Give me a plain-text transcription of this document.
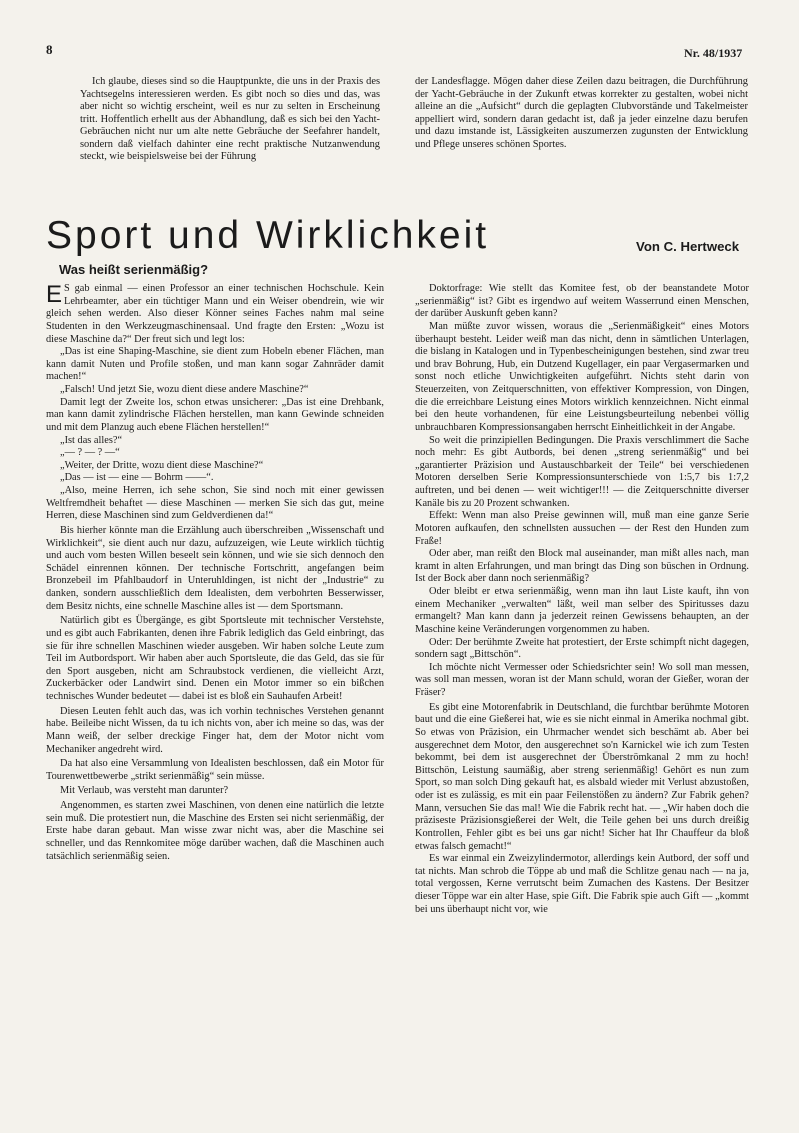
8	Nr. 48/1937

Ich glaube, dieses sind so die Hauptpunkte, die uns in der Praxis des Yachtsegelns interessieren werden. Es gibt noch so dies und das, was aber nicht so wichtig erscheint, weil es nur zu selten in Erscheinung tritt. Hoffentlich erhellt aus der Abhandlung, daß es sich bei den Yacht-Gebräuchen nicht nur um alte nette Gebräuche der Seefahrer handelt, sondern daß vielfach dahinter eine recht praktische Nutzanwendung steckt, wie beispielsweise bei der Führung

der Landesflagge. Mögen daher diese Zeilen dazu beitragen, die Durchführung der Yacht-Gebräuche in der Zukunft etwas korrekter zu gestalten, wobei nicht alleine an die „Aufsicht“ durch die geplagten Clubvorstände und Takelmeister appelliert wird, sondern daran gedacht ist, daß ja jeder einzelne dazu berufen und dazu imstande ist, Lässigkeiten auszumerzen zugunsten der Entwicklung und Pflege unseres schönen Sportes.

Sport und Wirklichkeit	Von C. Hertweck
Was heißt serienmäßig?

E S gab einmal — einen Professor an einer technischen Hochschule. Kein Lehrbeamter, aber ein tüchtiger Mann und ein Weiser obendrein, wie wir gleich sehen werden. Also dieser Könner seines Faches nahm mal seine Studenten in den Werkzeugmaschinensaal. Und fragte den Ersten: „Wozu ist diese Maschine da?“ Der freut sich und legt los:

„Das ist eine Shaping-Maschine, sie dient zum Hobeln ebener Flächen, man kann damit Nuten und Profile stoßen, und man kann sogar Zahnräder damit machen!“

„Falsch! Und jetzt Sie, wozu dient diese andere Maschine?“

Damit legt der Zweite los, schon etwas unsicherer: „Das ist eine Drehbank, man kann damit zylindrische Flächen herstellen, man kann Gewinde schneiden und mit dem Planzug auch ebene Flächen herstellen!“

„Ist das alles?“

„— ? — ? —“

„Weiter, der Dritte, wozu dient diese Maschine?“

„Das — ist — eine — Bohrm ——“.

„Also, meine Herren, ich sehe schon, Sie sind noch mit einer gewissen Weltfremdheit behaftet — diese Maschinen — merken Sie sich das gut, meine Herren, diese Maschinen sind zum Geldverdienen da!“

Bis hierher könnte man die Erzählung auch überschreiben „Wissenschaft und Wirklichkeit“, sie dient auch nur dazu, aufzuzeigen, wie Leute wirklich tüchtig und auch vom besten Willen beseelt sein können, und wie sie sich dennoch den Schädel einrennen können. Der technische Fortschritt, angefangen beim Bronzebeil im Pfahlbaudorf in Unteruhldingen, ist nicht der „Industrie“ zu danken, sondern ausschließlich dem Idealisten, dem verbohrten Besserwisser, dem Besitz nichts, eine schnelle Maschine alles ist — dem Sportsmann.

Natürlich gibt es Übergänge, es gibt Sportsleute mit technischer Verstehste, und es gibt auch Fabrikanten, denen ihre Fabrik lediglich das Geld einbringt, das sie für ihre schnellen Maschinen wieder ausgeben. Wir haben solche Leute zum Teil im Autbordsport. Wir haben aber auch Sportsleute, die das Geld, das sie für den Sport ausgeben, nicht am Schraubstock verdienen, die vielleicht Arzt, Zuckerbäcker oder Landwirt sind. Denen ein Motor immer so ein bißchen technisches Wunder bedeutet — dabei ist es bloß ein Sauhaufen Arbeit!

Diesen Leuten fehlt auch das, was ich vorhin technisches Verstehen genannt habe. Beileibe nicht Wissen, da tu ich nichts von, aber ich meine so das, was der Mann weiß, der selber dreckige Finger hat, dem der Motor nicht vom Mechaniker angedreht wird.

Da hat also eine Versammlung von Idealisten beschlossen, daß ein Motor für Tourenwettbewerbe „strikt serienmäßig“ sein müsse.

Mit Verlaub, was versteht man darunter?

Angenommen, es starten zwei Maschinen, von denen eine natürlich die letzte sein muß. Die protestiert nun, die Maschine des Ersten sei nicht serienmäßig, der Erste habe daran gebaut. Man wisse zwar nicht was, aber die Maschine sei schneller, und das Rennkomitee möge darüber wachen, daß die Maschinen auch tatsächlich serienmäßig seien.

Doktorfrage: Wie stellt das Komitee fest, ob der beanstandete Motor „serienmäßig“ ist? Gibt es irgendwo auf weitem Wasserrund einen Menschen, der darüber Auskunft geben kann?

Man müßte zuvor wissen, woraus die „Serienmäßigkeit“ eines Motors überhaupt besteht. Leider weiß man das nicht, denn in sämtlichen Unterlagen, die bislang in Katalogen und in Typenbescheinigungen bestehen, sind zwar treu und brav Bohrung, Hub, ein Dutzend Kugellager, ein paar Vergasermarken und sonst noch etliche Unwichtigkeiten aufgeführt. Nichts steht darin von Steuerzeiten, von Zeitquerschnitten, von effektiver Kompression, von Dingen, die die erreichbare Leistung eines Motors wirklich kennzeichnen. Nicht einmal bei den heute vorhandenen, für eine Leistungsbeurteilung nebenbei völlig unbrauchbaren Kompressionsangaben herrscht Einheitlichkeit in der Angabe.

So weit die prinzipiellen Bedingungen. Die Praxis verschlimmert die Sache noch mehr: Es gibt Autbords, bei denen „streng serienmäßig“ und bei „garantierter Präzision und Austauschbarkeit der Teile“ bei verschiedenen Motoren derselben Serie Kompressionsunterschiede von 1:5,7 bis 1:7,2 auftreten, und bei denen — weit wichtiger!!! — die Zeitquerschnitte diverser Kanäle bis zu 20 Prozent schwanken.

Effekt: Wenn man also Preise gewinnen will, muß man eine ganze Serie Motoren aufkaufen, den schnellsten aussuchen — der Rest den Hunden zum Fraße!

Oder aber, man reißt den Block mal auseinander, man mißt alles nach, man kramt in alten Erfahrungen, und man bringt das Ding son büschen in Ordnung. Ist der Bock aber dann noch serienmäßig?

Oder bleibt er etwa serienmäßig, wenn man ihn laut Liste kauft, ihn von einem Mechaniker „verwalten“ läßt, weil man selber des Spiritusses dazu ermangelt? Man kann dann ja jederzeit reinen Gewissens behaupten, an der Maschine keine Veränderungen vorgenommen zu haben.

Oder: Der berühmte Zweite hat protestiert, der Erste schimpft nicht dagegen, sondern sagt „Bittschön“.

Ich möchte nicht Vermesser oder Schiedsrichter sein! Wo soll man messen, was soll man messen, woran ist der Mann schuld, woran der Gießer, woran der Fräser?

Es gibt eine Motorenfabrik in Deutschland, die furchtbar berühmte Motoren baut und die eine Gießerei hat, wie es sie nicht einmal in Amerika nochmal gibt. So etwas von Präzision, ein Uhrmacher wendet sich beschämt ab. Aber bei ausgerechnet dem Motor, den ausgerechnet so'n Karnickel wie ich zum Testen bekommt, bei dem ist ausgerechnet der Überströmkanal 2 mm zu hoch! Bittschön, Leistung saumäßig, aber streng serienmäßig! Gehört es nun zum Sport, so man solch Ding gekauft hat, es alsbald wieder mit Verlust abzustoßen, oder ist es zulässig, es mit ein paar Feilenstößen zu ändern? Zur Fabrik gehen? Mann, versuchen Sie das mal! Wie die Fabrik recht hat. — „Wir haben doch die präziseste Präzisionsgießerei der Welt, die Teile gehen bei uns durch dreißig Kontrollen, Fehler gibt es bei uns gar nicht! Sicher hat Ihr Chauffeur da bloß etwas falsch gemacht!“

Es war einmal ein Zweizylindermotor, allerdings kein Autbord, der soff und tat nichts. Man schrob die Töppe ab und maß die Schlitze genau nach — na ja, total vergossen, Kerne verrutscht beim Zumachen des Kastens. Der Besitzer dieser Töppe war ein alter Hase, spie Gift. Die Fabrik spie auch Gift — „kommt bei uns überhaupt nicht vor, wie
